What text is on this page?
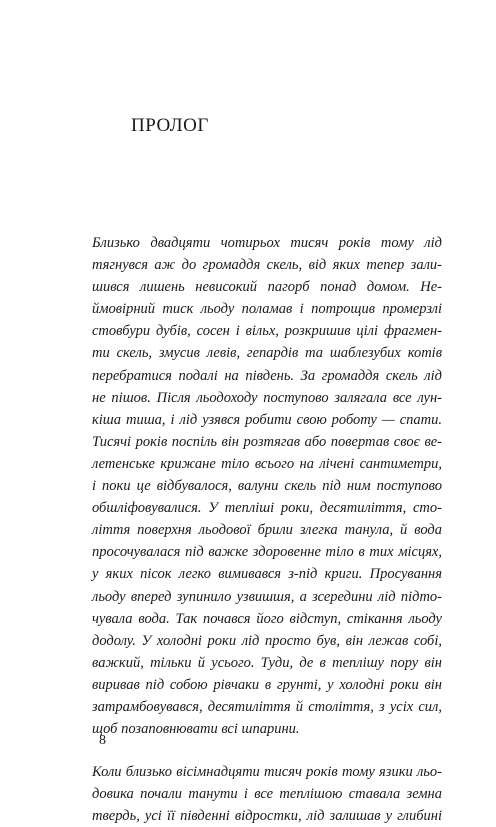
ПРОЛОГ

Близько двадцяти чотирьох тисяч років тому лід
тягнувся аж до громаддя скель, від яких тепер зали-
шився лишень невисокий пагорб понад домом. Не-
ймовірний тиск льоду поламав і потрощив промерзлі
стовбури дубів, сосен і вільх, розкришив цілі фрагмен-
ти скель, змусив левів, гепардів та шаблезубих котів
перебратися подалі на південь. За громаддя скель лід
не пішов. Після льодоходу поступово залягала все лун-
кіша тиша, і лід узявся робити свою роботу — спати.
Тисячі років поспіль він розтягав або повертав своє ве-
летенське крижане тіло всього на лічені сантиметри,
і поки це відбувалося, валуни скель під ним поступово
обшліфовувалися. У тепліші роки, десятиліття, сто-
ліття поверхня льодової брили злегка танула, й вода
просочувалася під важке здоровенне тіло в тих місцях,
у яких пісок легко вимивався з-під криги. Просування
льоду вперед зупинило узвишшя, а зсередини лід підто-
чувала вода. Так почався його відступ, стікання льоду
додолу. У холодні роки лід просто був, він лежав собі,
важкий, тільки й усього. Туди, де в теплішу пору він
виривав під собою рівчаки в грунті, у холодні роки він
затрамбовувався, десятиліття й століття, з усіх сил,
щоб позаповнювати всі шпарини.

Коли близько вісімнадцяти тисяч років тому язики льо-
довика почали танути і все теплішою ставала земна
твердь, усі її південні відростки, лід залишав у глибині

8
